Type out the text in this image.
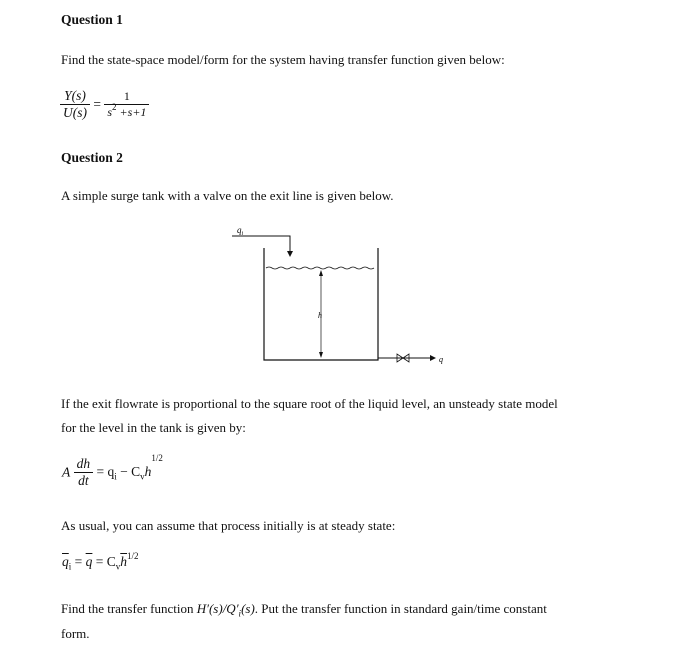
Question 1
Find the state-space model/form for the system having transfer function given below:
$\frac{Y(s)}{U(s)} = \frac{1}{s^2 +s+1}$
Question 2
A simple surge tank with a valve on the exit line is given below.
$q_i$
h
q
If the exit flowrate is proportional to the square root of the liquid level, an unsteady state model
for the level in the tank is given by:
A $\frac{dh}{dt} = q_i - C_vh^{1/2}$
As usual, you can assume that process initially is at steady state:
$\overline{q}_i = \overline{q} = C_v\overline{h}^{1/2}$
Find the transfer function $H'(s)/Q'_i(s)$. Put the transfer function in standard gain/time constant
form.
